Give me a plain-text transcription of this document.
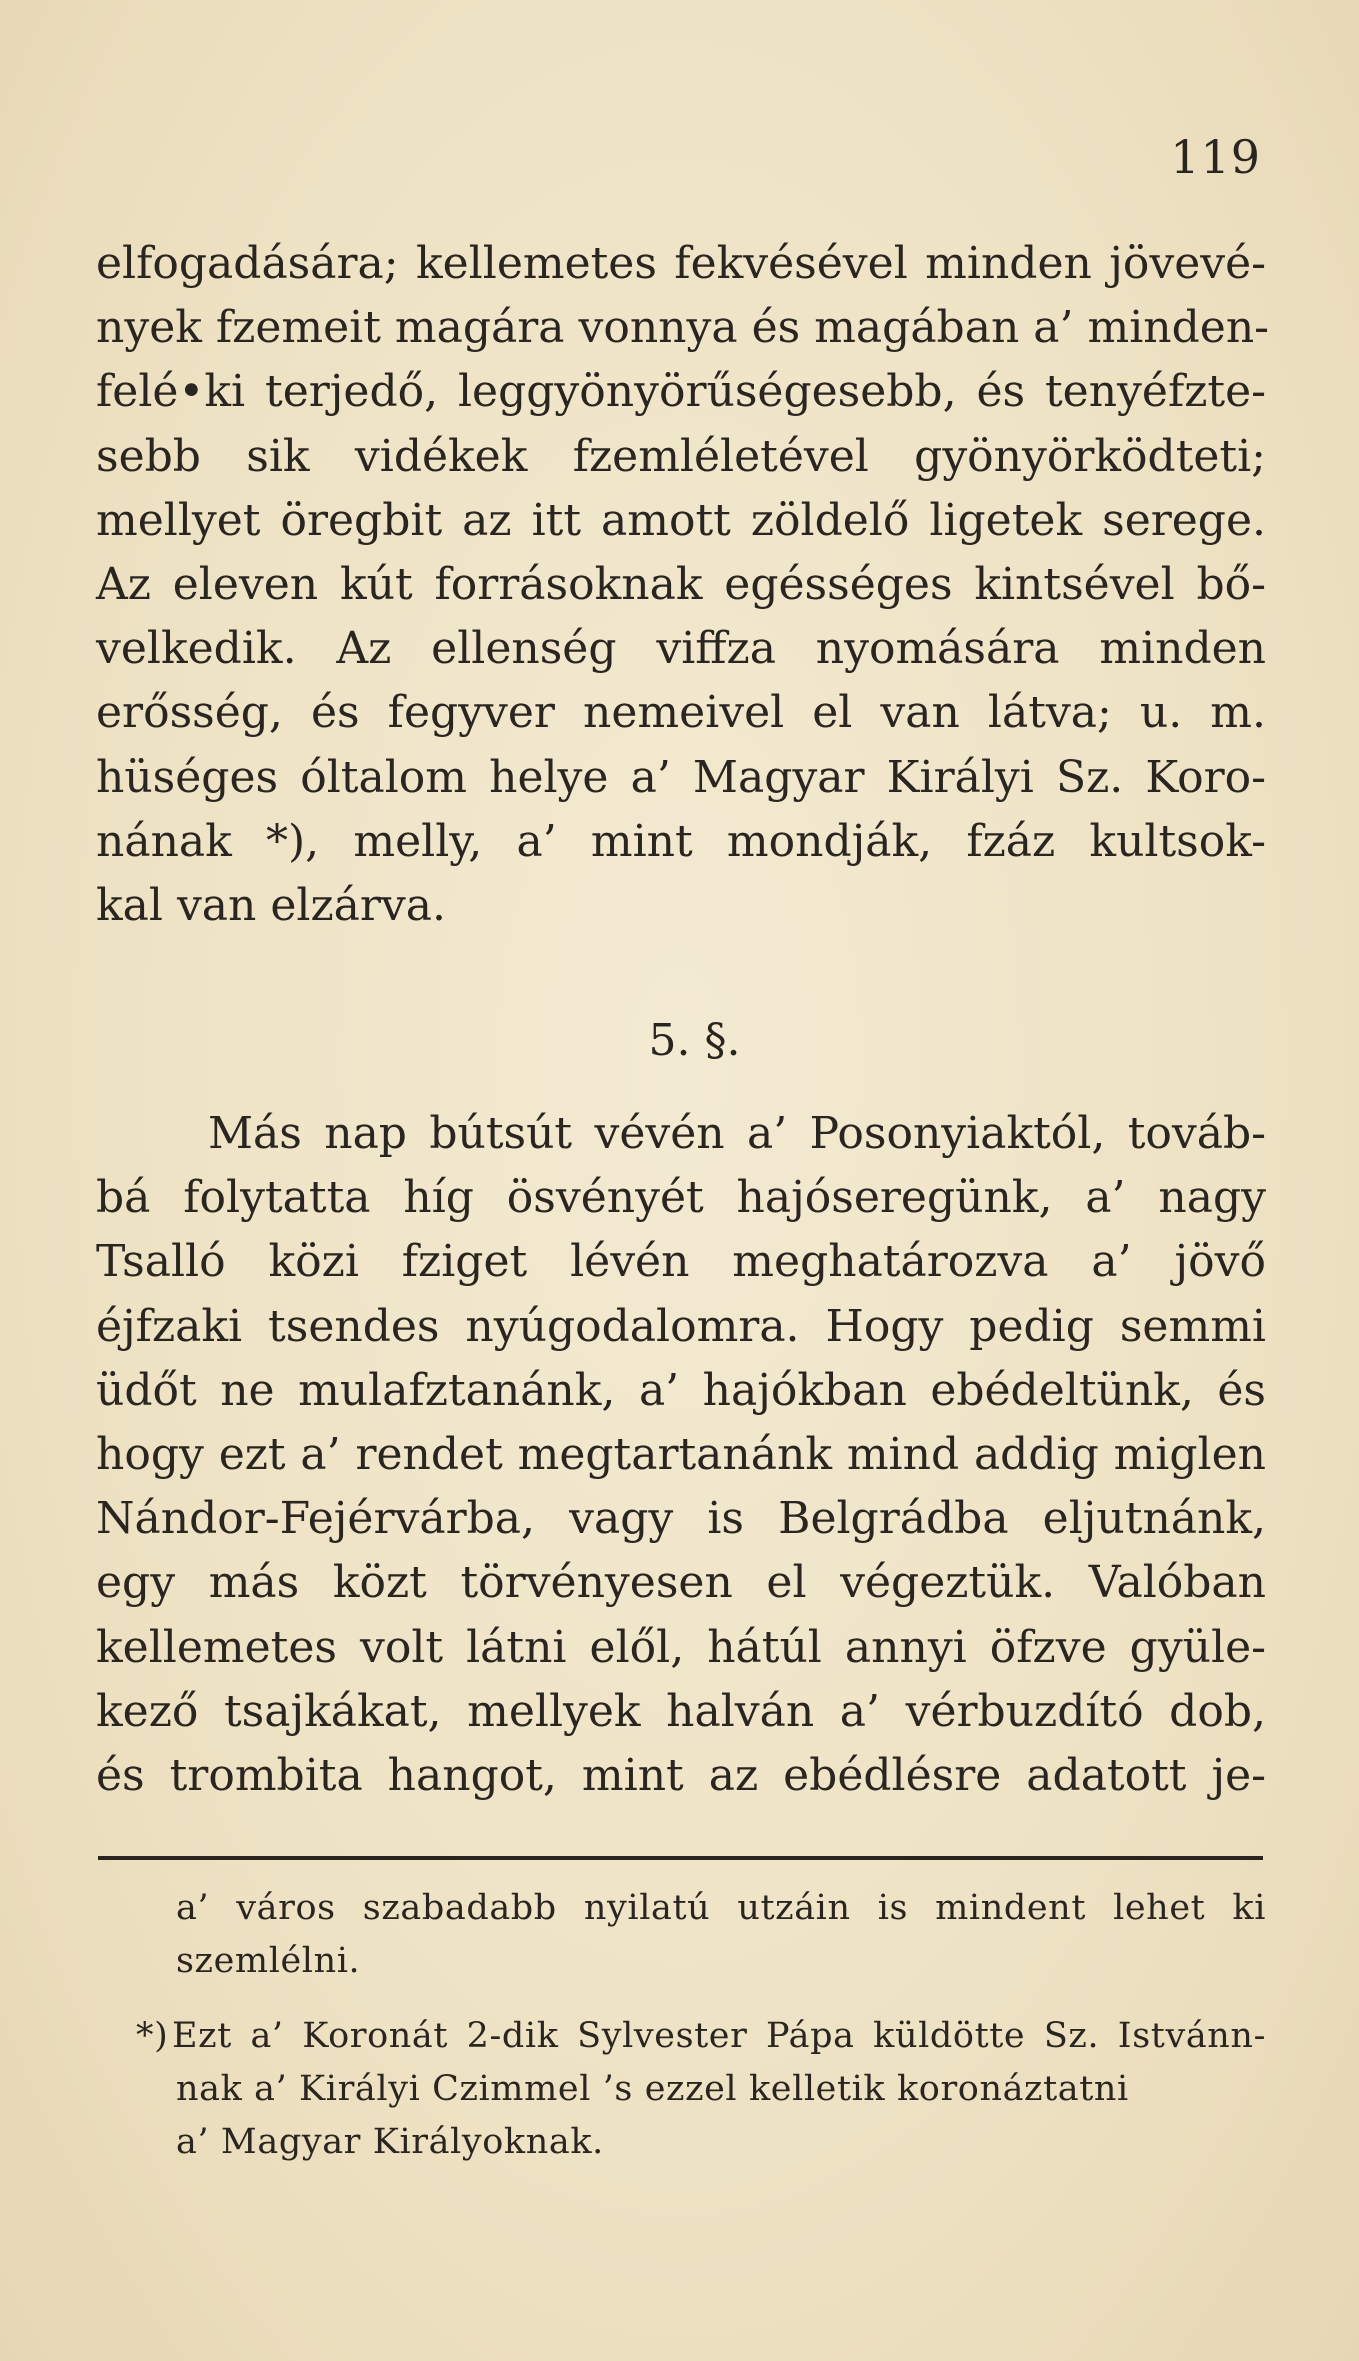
119
elfogadására; kellemetes fekvésével minden jövevé-
nyek fzemeit magára vonnya és magában a’ minden-
felé•ki terjedő, leggyönyörűségesebb, és tenyéfzte-
sebb sik vidékek fzemléletével gyönyörködteti;
mellyet öregbit az itt amott zöldelő ligetek serege.
Az eleven kút forrásoknak egésséges kintsével bő-
velkedik. Az ellenség viffza nyomására minden
erősség, és fegyver nemeivel el van látva; u. m.
hüséges óltalom helye a’ Magyar Királyi Sz. Koro-
nának *), melly, a’ mint mondják, fzáz kultsok-
kal van elzárva.
5. §.
Más nap bútsút vévén a’ Posonyiaktól, továb-
bá folytatta híg ösvényét hajóseregünk, a’ nagy
Tsalló közi fziget lévén meghatározva a’ jövő
éjfzaki tsendes nyúgodalomra. Hogy pedig semmi
üdőt ne mulafztanánk, a’ hajókban ebédeltünk, és
hogy ezt a’ rendet megtartanánk mind addig miglen
Nándor-Fejérvárba, vagy is Belgrádba eljutnánk,
egy más közt törvényesen el végeztük. Valóban
kellemetes volt látni elől, hátúl annyi öfzve gyüle-
kező tsajkákat, mellyek halván a’ vérbuzdító dob,
és trombita hangot, mint az ebédlésre adatott je-
a’ város szabadabb nyilatú utzáin is mindent lehet ki
szemlélni.
*) Ezt a’ Koronát 2-dik Sylvester Pápa küldötte Sz. Istvánn-
nak a’ Királyi Czimmel ’s ezzel kelletik koronáztatni
a’ Magyar Királyoknak.
